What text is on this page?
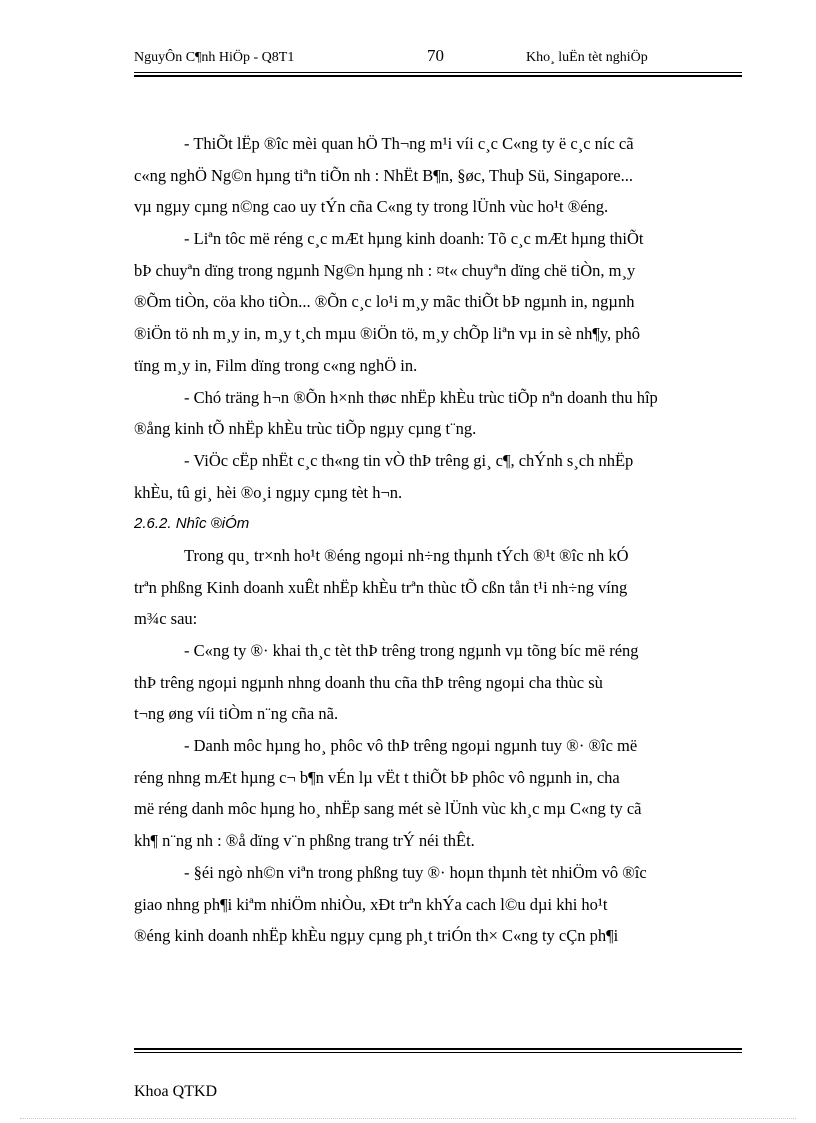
NguyÔn C¶nh HiÖp - Q8T1	70	Kho¸ luËn tèt nghiÖp
- ThiÕt lËp ®îc mèi quan hÖ Th¬ng m¹i víi c¸c C«ng ty ë c¸c níc cã
c«ng nghÖ Ng©n hµng tiªn tiÕn nh : NhËt B¶n, §øc, Thuþ Sü, Singapore...
vµ ngµy cµng n©ng cao uy tÝn cña C«ng ty trong lÜnh vùc ho¹t ®éng.
- Liªn tôc më réng c¸c mÆt hµng kinh doanh: Tõ c¸c mÆt hµng thiÕt
bÞ chuyªn dïng trong ngµnh Ng©n hµng nh : ¤t« chuyªn dïng chë tiÒn, m¸y
®Õm tiÒn, cöa kho tiÒn... ®Õn c¸c lo¹i m¸y mãc thiÕt bÞ ngµnh in, ngµnh
®iÖn tö nh m¸y in, m¸y t¸ch mµu ®iÖn tö, m¸y chÕp liªn vµ in sè nh¶y, phô
tïng m¸y in, Film dïng trong c«ng nghÖ in.
- Chó träng h¬n ®Õn h×nh thøc nhËp khÈu trùc tiÕp nªn doanh thu hîp
®ång kinh tÕ nhËp khÈu trùc tiÕp ngµy cµng t¨ng.
- ViÖc cËp nhËt c¸c th«ng tin vÒ thÞ trêng gi¸ c¶, chÝnh s¸ch nhËp
khÈu, tû gi¸ hèi ®o¸i ngµy cµng tèt h¬n.
2.6.2. Nhîc ®iÓm
Trong qu¸ tr×nh ho¹t ®éng ngoµi nh÷ng thµnh tÝch ®¹t ®îc nh kÓ
trªn phßng Kinh doanh xuÊt nhËp khÈu trªn thùc tÕ cßn tån t¹i nh÷ng víng
m¾c sau:
- C«ng ty ®· khai th¸c tèt thÞ trêng trong ngµnh vµ tõng bíc më réng
thÞ trêng ngoµi ngµnh nhng doanh thu cña thÞ trêng ngoµi cha thùc sù
t¬ng øng víi tiÒm n¨ng cña nã.
- Danh môc hµng ho¸ phôc vô thÞ trêng ngoµi ngµnh tuy ®· ®îc më
réng nhng mÆt hµng c¬ b¶n vÉn lµ vËt t thiÕt bÞ phôc vô ngµnh in, cha
më réng danh môc hµng ho¸ nhËp sang mét sè lÜnh vùc kh¸c mµ C«ng ty cã
kh¶ n¨ng nh : ®å dïng v¨n phßng trang trÝ néi thÊt.
- §éi ngò nh©n viªn trong phßng tuy ®· hoµn thµnh tèt nhiÖm vô ®îc
giao nhng ph¶i kiªm nhiÖm nhiÒu, xÐt trªn khÝa cach l©u dµi khi ho¹t
®éng kinh doanh nhËp khÈu ngµy cµng ph¸t triÓn th× C«ng ty cÇn ph¶i
Khoa QTKD
